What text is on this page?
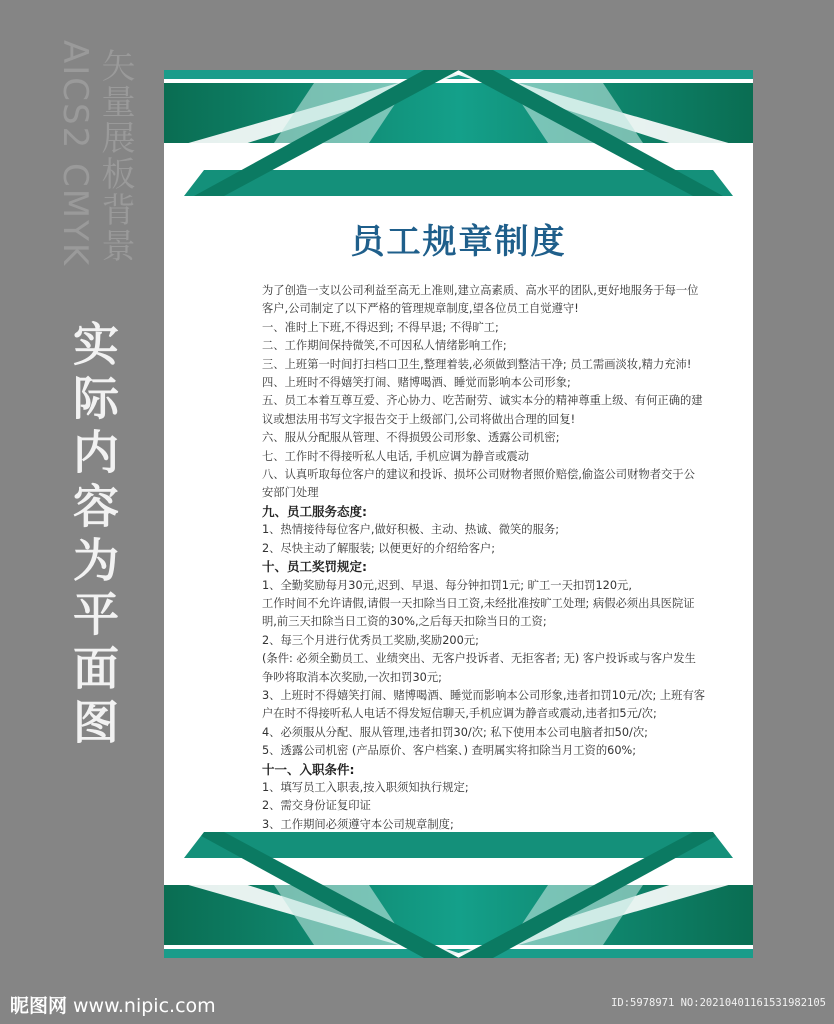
矢量展板背景
AICS2 CMYK
实际内容为平面图
员工规章制度

为了创造一支以公司利益至高无上准则,建立高素质、高水平的团队,更好地服务于每一位客户,公司制定了以下严格的管理规章制度,望各位员工自觉遵守!

一、准时上下班,不得迟到; 不得早退; 不得旷工;

二、工作期间保持微笑,不可因私人情绪影响工作;

三、上班第一时间打扫档口卫生,整理着装,必须做到整洁干净; 员工需画淡妆,精力充沛!

四、上班时不得嬉笑打闹、赌博喝酒、睡觉而影响本公司形象;

五、员工本着互尊互爱、齐心协力、吃苦耐劳、诚实本分的精神尊重上级、有何正确的建议或想法用书写文字报告交于上级部门,公司将做出合理的回复!

六、服从分配服从管理、不得损毁公司形象、透露公司机密;

七、工作时不得接听私人电话, 手机应调为静音或震动

八、认真听取每位客户的建议和投诉、损坏公司财物者照价赔偿,偷盗公司财物者交于公安部门处理

九、员工服务态度:

1、热情接待每位客户,做好积极、主动、热诚、微笑的服务;

2、尽快主动了解服装; 以便更好的介绍给客户;

十、员工奖罚规定:

1、全勤奖励每月30元,迟到、早退、每分钟扣罚1元; 旷工一天扣罚120元,

工作时间不允许请假,请假一天扣除当日工资,未经批准按旷工处理; 病假必须出具医院证明,前三天扣除当日工资的30%,之后每天扣除当日的工资;

2、每三个月进行优秀员工奖励,奖励200元;

(条件: 必须全勤员工、业绩突出、无客户投诉者、无拒客者; 无) 客户投诉或与客户发生争吵将取消本次奖励,一次扣罚30元;

3、上班时不得嬉笑打闹、赌博喝酒、睡觉而影响本公司形象,违者扣罚10元/次; 上班有客户在时不得接听私人电话不得发短信聊天,手机应调为静音或震动,违者扣5元/次;

4、必须服从分配、服从管理,违者扣罚30/次; 私下使用本公司电脑者扣50/次;

5、透露公司机密 (产品原价、客户档案、) 查明属实将扣除当月工资的60%;

十一、入职条件:

1、填写员工入职表,按入职须知执行规定;

2、需交身份证复印证

3、工作期间必须遵守本公司规章制度;

昵图网 www.nipic.com	ID:5978971 NO:20210401161531982105
